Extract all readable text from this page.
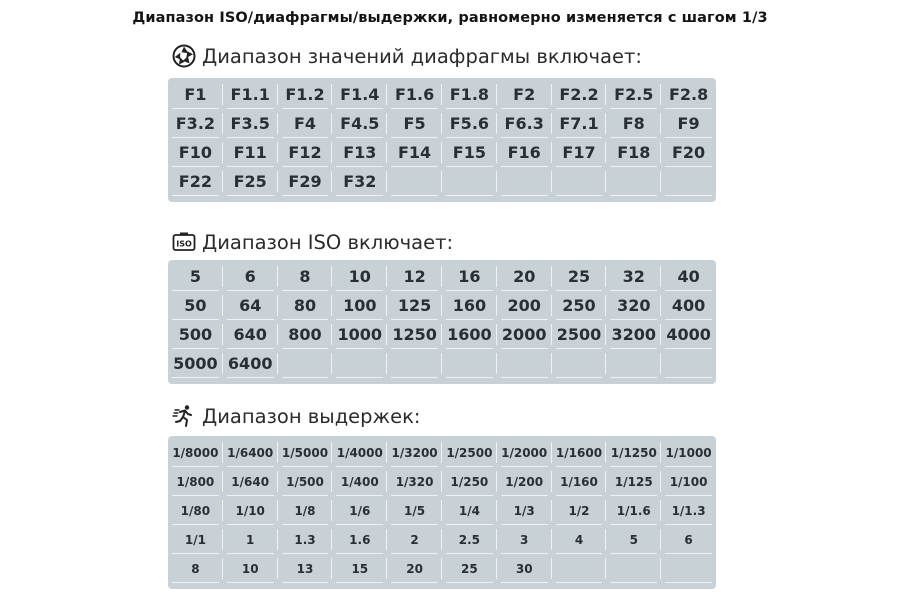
Диапазон ISO/диафрагмы/выдержки, равномерно изменяется с шагом 1/3
Диапазон значений диафрагмы включает:
F1	F1.1 F1.2 F1.4 F1.6 F1.8	F2	F2.2 F2.5 F2.8
F3.2 F3.5	F4	F4.5	F5	F5.6 F6.3 F7.1	F8	F9
F10	F11	F12	F13	F14	F15	F16	F17	F18	F20
F22	F25	F29	F32
ISO Диапазон ISO включает:
5	6	8	10	12	16	20	25	32	40
50	64	80	100	125	160	200	250	320	400
500	640	800 1000 1250 1600 2000 2500 3200 4000
5000 6400
Диапазон выдержек:
1/8000 1/6400 1/5000 1/4000 1/3200 1/2500 1/2000 1/1600 1/1250 1/1000
1/800	1/640	1/500	1/400	1/320	1/250	1/200	1/160	1/125	1/100
1/80	1/10	1/8	1/6	1/5	1/4	1/3	1/2	1/1.6	1/1.3
1/1	1	1.3	1.6	2	2.5	3	4	5	6
8	10	13	15	20	25	30
